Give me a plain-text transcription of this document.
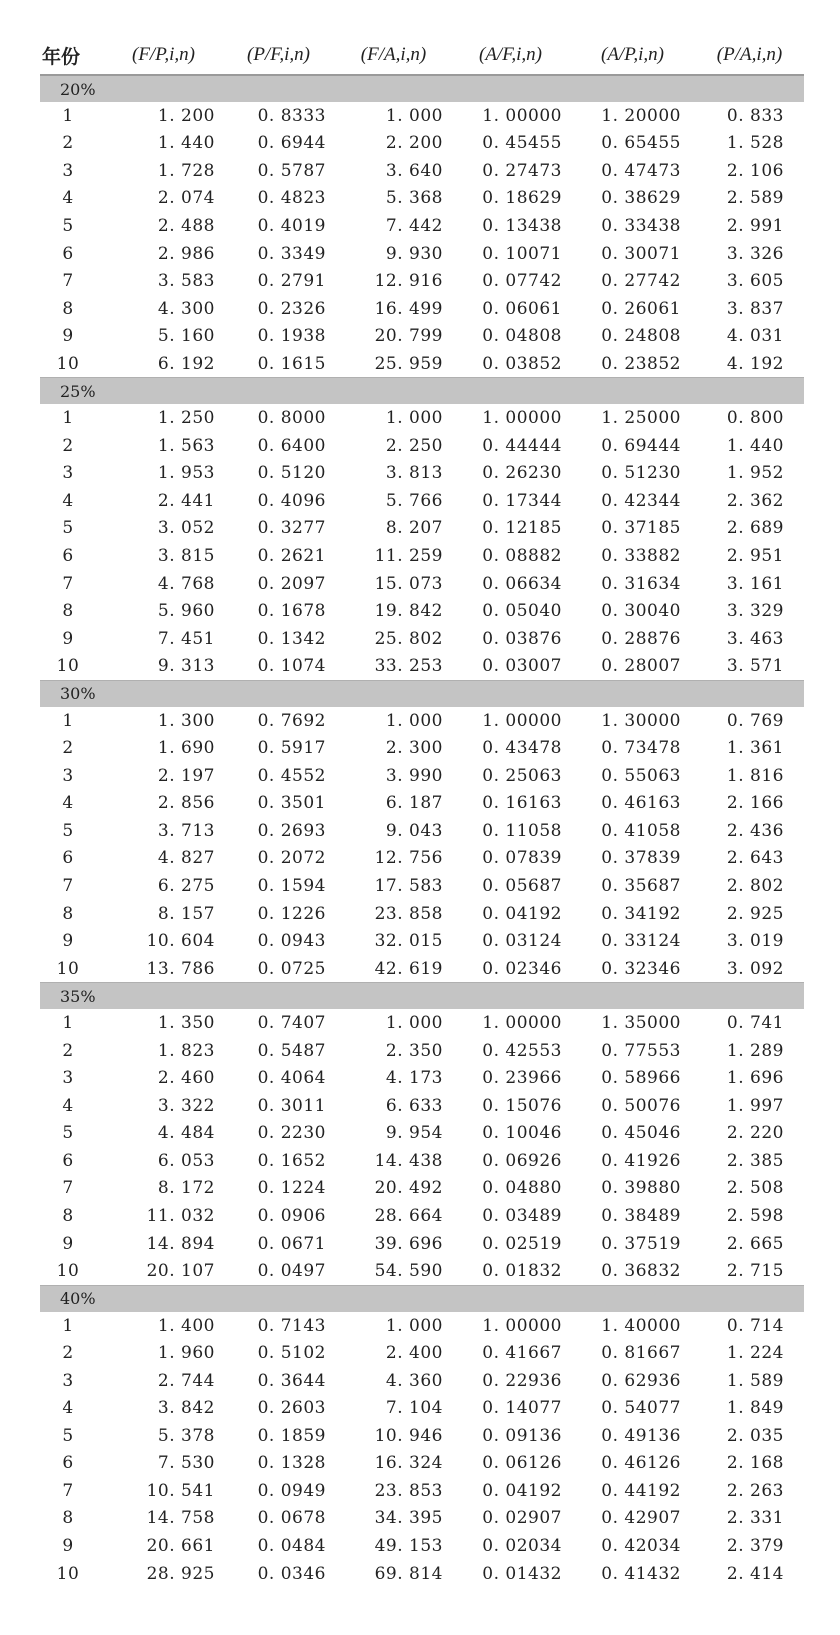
年份	(F/P,i,n)	(P/F,i,n)	(F/A,i,n)	(A/F,i,n)	(A/P,i,n)	(P/A,i,n)
20%						
1	1. 200	0. 8333	1. 000	1. 00000	1. 20000	0. 833
2	1. 440	0. 6944	2. 200	0. 45455	0. 65455	1. 528
3	1. 728	0. 5787	3. 640	0. 27473	0. 47473	2. 106
4	2. 074	0. 4823	5. 368	0. 18629	0. 38629	2. 589
5	2. 488	0. 4019	7. 442	0. 13438	0. 33438	2. 991
6	2. 986	0. 3349	9. 930	0. 10071	0. 30071	3. 326
7	3. 583	0. 2791	12. 916	0. 07742	0. 27742	3. 605
8	4. 300	0. 2326	16. 499	0. 06061	0. 26061	3. 837
9	5. 160	0. 1938	20. 799	0. 04808	0. 24808	4. 031
10	6. 192	0. 1615	25. 959	0. 03852	0. 23852	4. 192
25%						
1	1. 250	0. 8000	1. 000	1. 00000	1. 25000	0. 800
2	1. 563	0. 6400	2. 250	0. 44444	0. 69444	1. 440
3	1. 953	0. 5120	3. 813	0. 26230	0. 51230	1. 952
4	2. 441	0. 4096	5. 766	0. 17344	0. 42344	2. 362
5	3. 052	0. 3277	8. 207	0. 12185	0. 37185	2. 689
6	3. 815	0. 2621	11. 259	0. 08882	0. 33882	2. 951
7	4. 768	0. 2097	15. 073	0. 06634	0. 31634	3. 161
8	5. 960	0. 1678	19. 842	0. 05040	0. 30040	3. 329
9	7. 451	0. 1342	25. 802	0. 03876	0. 28876	3. 463
10	9. 313	0. 1074	33. 253	0. 03007	0. 28007	3. 571
30%						
1	1. 300	0. 7692	1. 000	1. 00000	1. 30000	0. 769
2	1. 690	0. 5917	2. 300	0. 43478	0. 73478	1. 361
3	2. 197	0. 4552	3. 990	0. 25063	0. 55063	1. 816
4	2. 856	0. 3501	6. 187	0. 16163	0. 46163	2. 166
5	3. 713	0. 2693	9. 043	0. 11058	0. 41058	2. 436
6	4. 827	0. 2072	12. 756	0. 07839	0. 37839	2. 643
7	6. 275	0. 1594	17. 583	0. 05687	0. 35687	2. 802
8	8. 157	0. 1226	23. 858	0. 04192	0. 34192	2. 925
9	10. 604	0. 0943	32. 015	0. 03124	0. 33124	3. 019
10	13. 786	0. 0725	42. 619	0. 02346	0. 32346	3. 092
35%						
1	1. 350	0. 7407	1. 000	1. 00000	1. 35000	0. 741
2	1. 823	0. 5487	2. 350	0. 42553	0. 77553	1. 289
3	2. 460	0. 4064	4. 173	0. 23966	0. 58966	1. 696
4	3. 322	0. 3011	6. 633	0. 15076	0. 50076	1. 997
5	4. 484	0. 2230	9. 954	0. 10046	0. 45046	2. 220
6	6. 053	0. 1652	14. 438	0. 06926	0. 41926	2. 385
7	8. 172	0. 1224	20. 492	0. 04880	0. 39880	2. 508
8	11. 032	0. 0906	28. 664	0. 03489	0. 38489	2. 598
9	14. 894	0. 0671	39. 696	0. 02519	0. 37519	2. 665
10	20. 107	0. 0497	54. 590	0. 01832	0. 36832	2. 715
40%						
1	1. 400	0. 7143	1. 000	1. 00000	1. 40000	0. 714
2	1. 960	0. 5102	2. 400	0. 41667	0. 81667	1. 224
3	2. 744	0. 3644	4. 360	0. 22936	0. 62936	1. 589
4	3. 842	0. 2603	7. 104	0. 14077	0. 54077	1. 849
5	5. 378	0. 1859	10. 946	0. 09136	0. 49136	2. 035
6	7. 530	0. 1328	16. 324	0. 06126	0. 46126	2. 168
7	10. 541	0. 0949	23. 853	0. 04192	0. 44192	2. 263
8	14. 758	0. 0678	34. 395	0. 02907	0. 42907	2. 331
9	20. 661	0. 0484	49. 153	0. 02034	0. 42034	2. 379
10	28. 925	0. 0346	69. 814	0. 01432	0. 41432	2. 414
